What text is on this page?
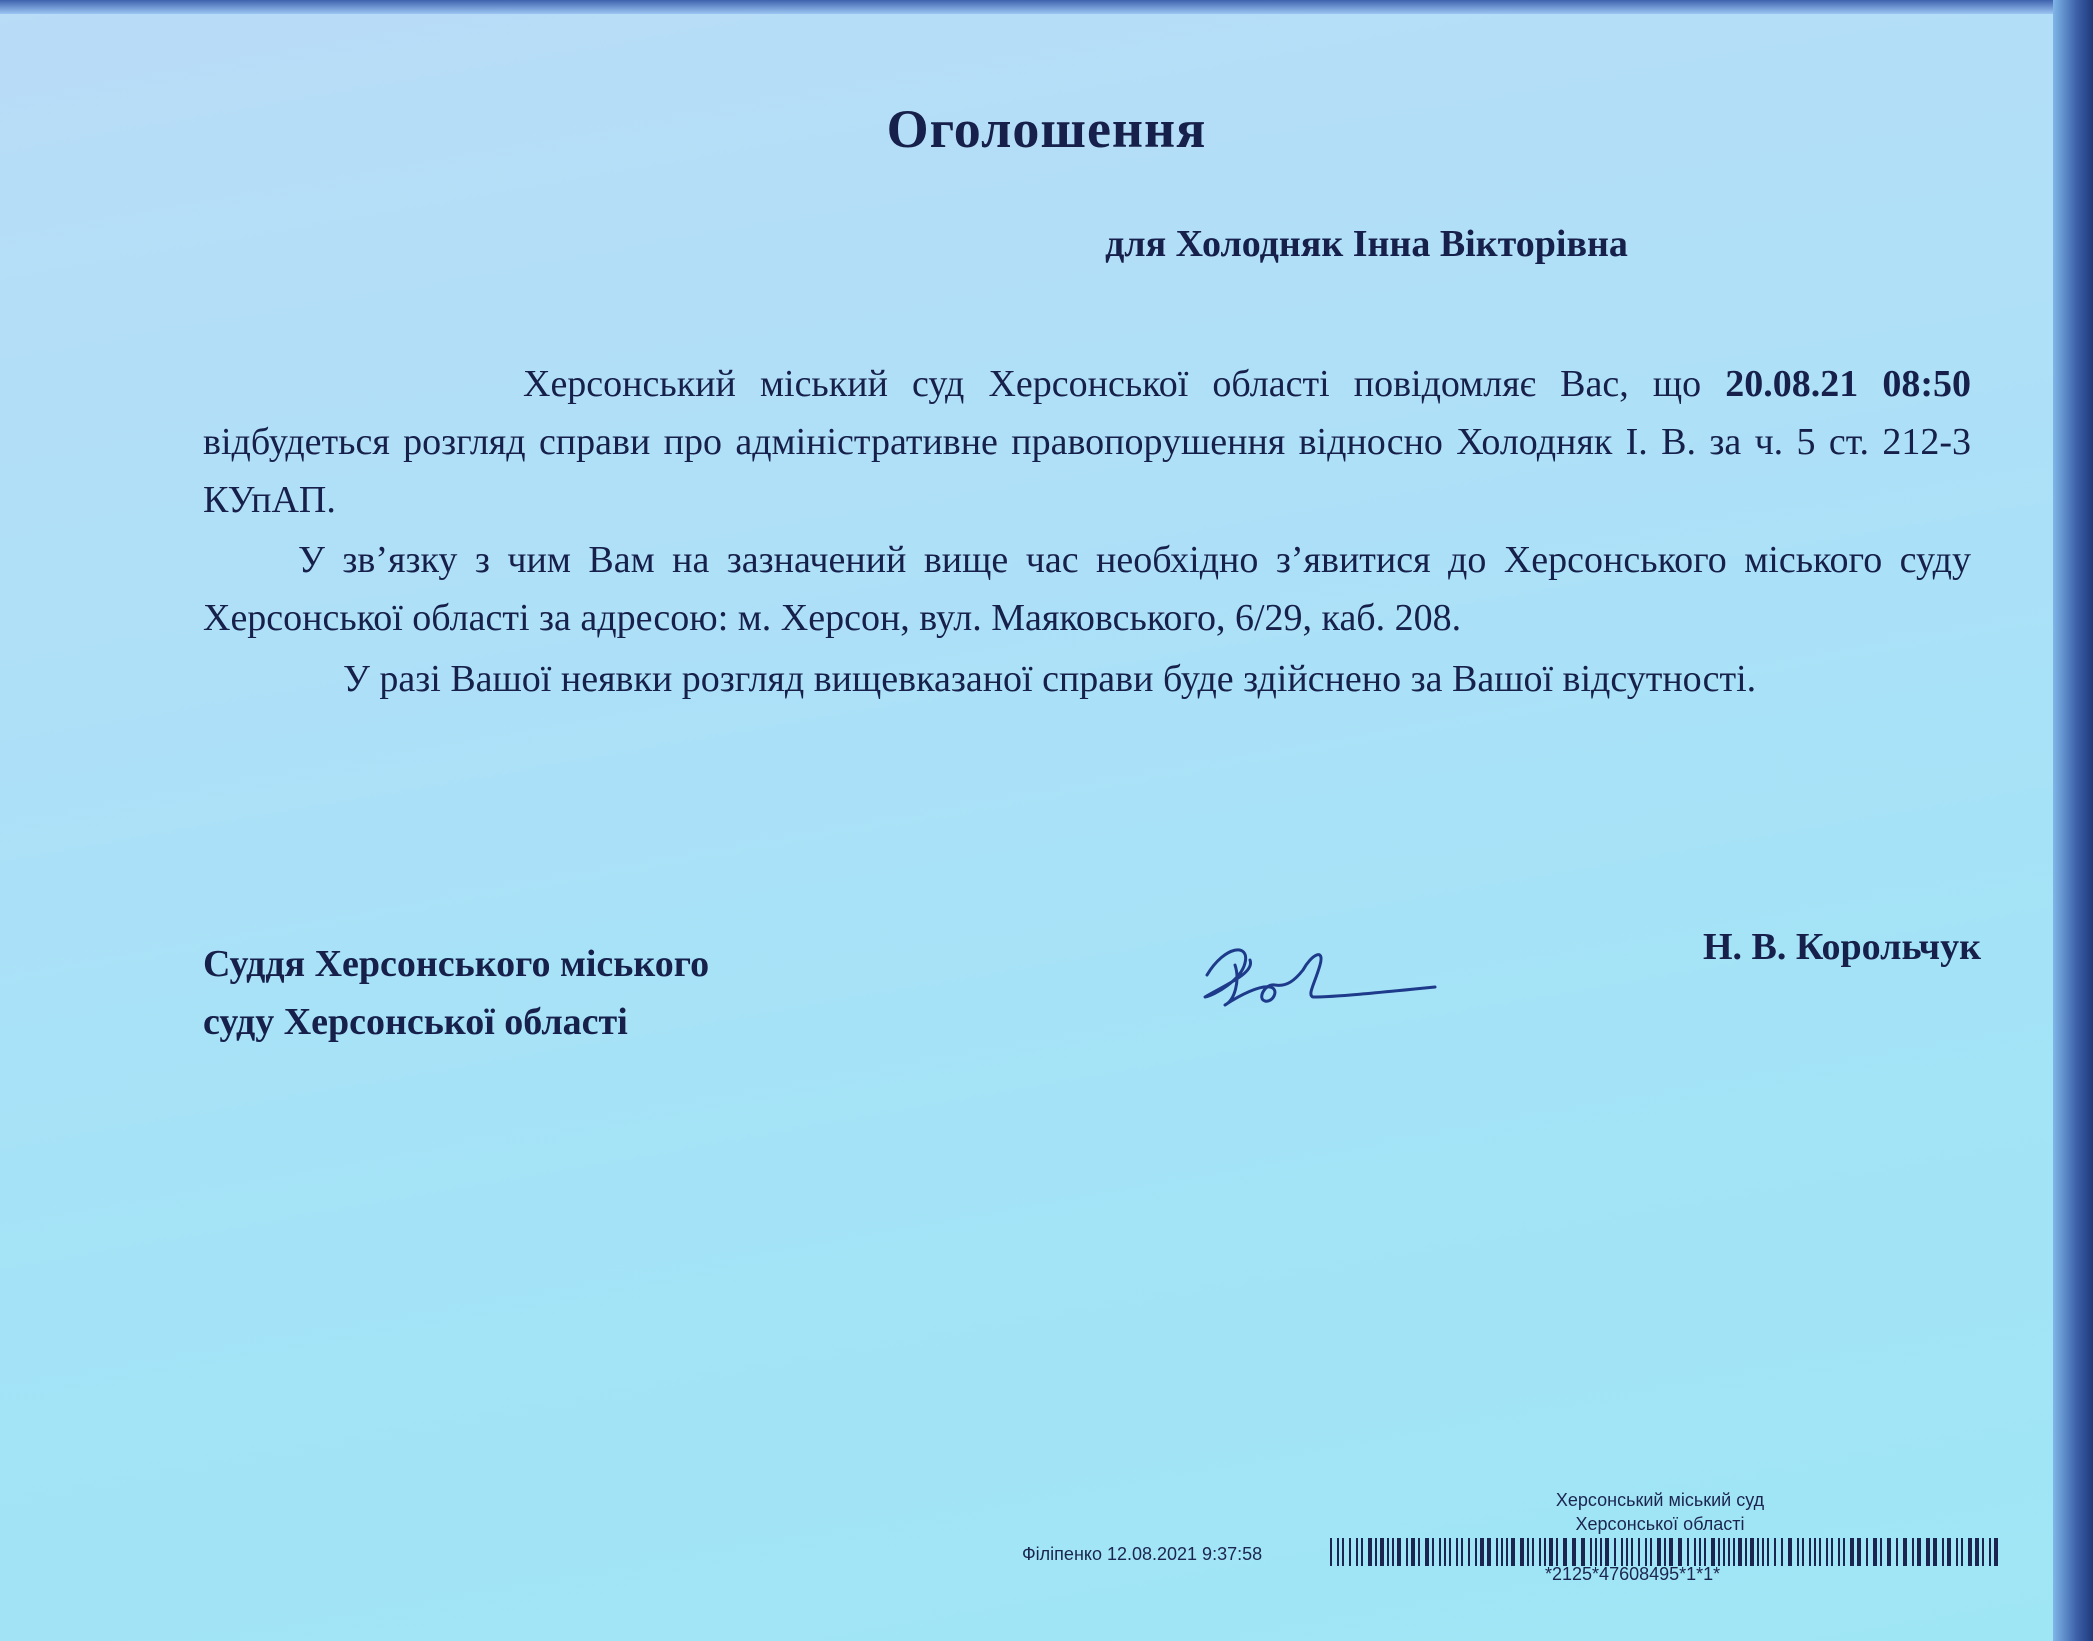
Оголошення
для Холодняк Інна Вікторівна

Херсонський міський суд Херсонської області повідомляє Вас, що 20.08.21 08:50 відбудеться розгляд справи про адміністративне правопорушення відносно Холодняк І. В. за ч. 5 ст. 212-3 КУпАП.

У зв’язку з чим Вам на зазначений вище час необхідно з’явитися до Херсонського міського суду Херсонської області за адресою: м. Херсон, вул. Маяковського, 6/29, каб. 208.

У разі Вашої неявки розгляд вищевказаної справи буде здійснено за Вашої відсутності.

Суддя Херсонського міського
суду Херсонської області
Н. В. Корольчук
Херсонський міський суд
Херсонської області
Філіпенко 12.08.2021 9:37:58
*2125*47608495*1*1*
